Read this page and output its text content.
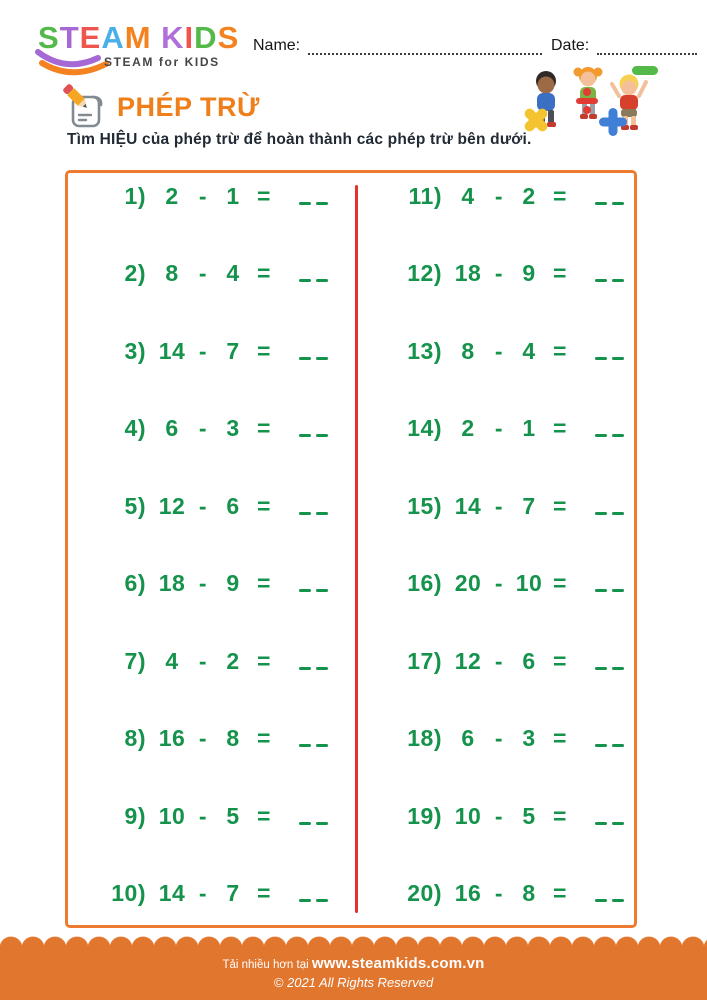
STEAM KIDS
STEAM for KIDS
Name:	Date:
PHÉP TRỪ
Tìm HIỆU của phép trừ để hoàn thành các phép trừ bên dưới.
1) 2 - 1 =
2) 8 - 4 =
3) 14 - 7 =
4) 6 - 3 =
5) 12 - 6 =
6) 18 - 9 =
7) 4 - 2 =
8) 16 - 8 =
9) 10 - 5 =
10) 14 - 7 =
11) 4 - 2 =
12) 18 - 9 =
13) 8 - 4 =
14) 2 - 1 =
15) 14 - 7 =
16) 20 - 10 =
17) 12 - 6 =
18) 6 - 3 =
19) 10 - 5 =
20) 16 - 8 =
Tải nhiều hơn tại www.steamkids.com.vn
© 2021 All Rights Reserved
